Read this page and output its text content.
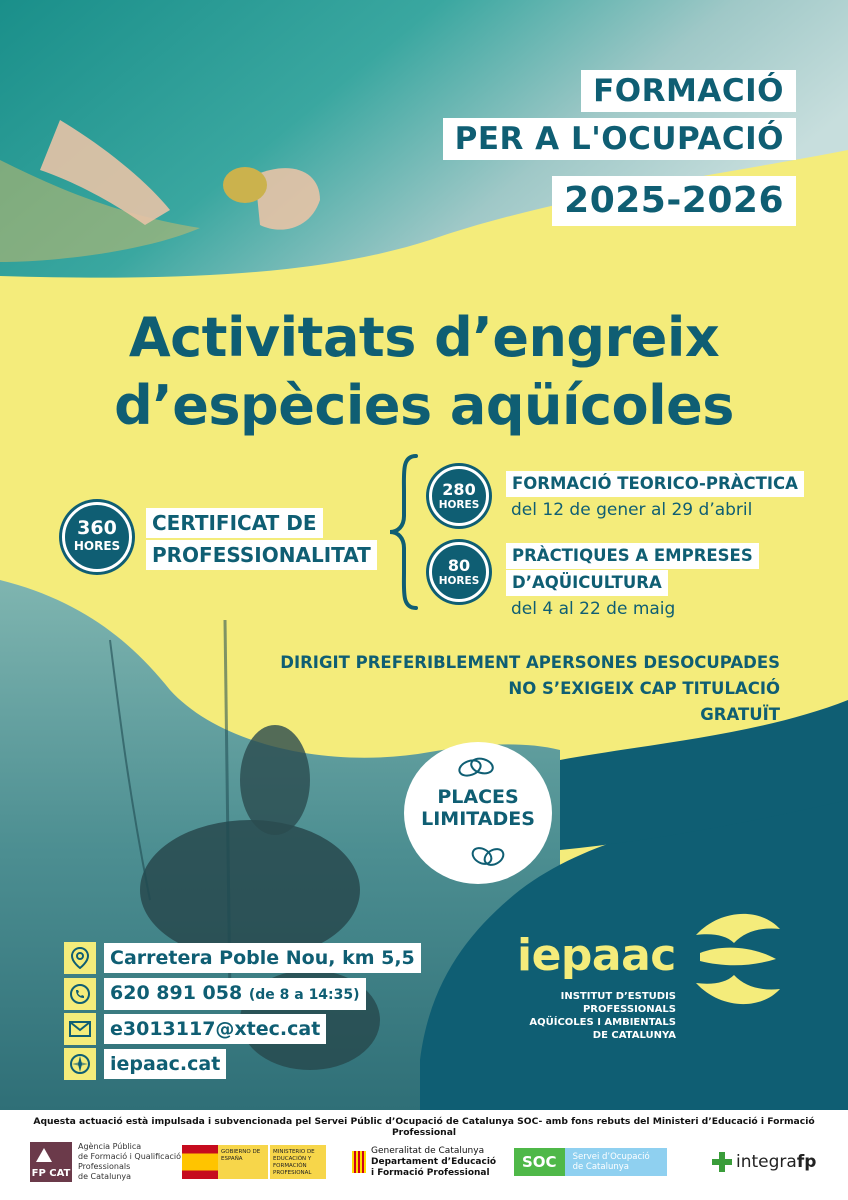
FORMACIÓ
PER A L'OCUPACIÓ
2025-2026
Activitats d’engreix
d’espècies aqüícoles
360
HORES
CERTIFICAT DE
PROFESSIONALITAT
280
HORES
FORMACIÓ TEORICO-PRÀCTICA
del 12 de gener al 29 d’abril
80
HORES
PRÀCTIQUES A EMPRESES
D’AQÜICULTURA
del 4 al 22 de maig
DIRIGIT PREFERIBLEMENT APERSONES DESOCUPADES
NO S’EXIGEIX CAP TITULACIÓ
GRATUÏT
PLACES
LIMITADES
Carretera Poble Nou, km 5,5
620 891 058 (de 8 a 14:35)
e3013117@xtec.cat
iepaac.cat
iepaac
INSTITUT D’ESTUDIS
PROFESSIONALS
AQÜÍCOLES I AMBIENTALS
DE CATALUNYA
Aquesta actuació està impulsada i subvencionada pel Servei Públic d’Ocupació de Catalunya SOC- amb fons rebuts del Ministeri d’Educació i Formació Professional
FP CAT
Agència Pública
de Formació i Qualificació
Professionals
de Catalunya
GOBIERNO DE ESPAÑA
MINISTERIO DE EDUCACIÓN Y FORMACIÓN PROFESIONAL
Generalitat de Catalunya
Departament d’Educació
i Formació Professional
SOC	Servei d’Ocupació
de Catalunya	integra fp
